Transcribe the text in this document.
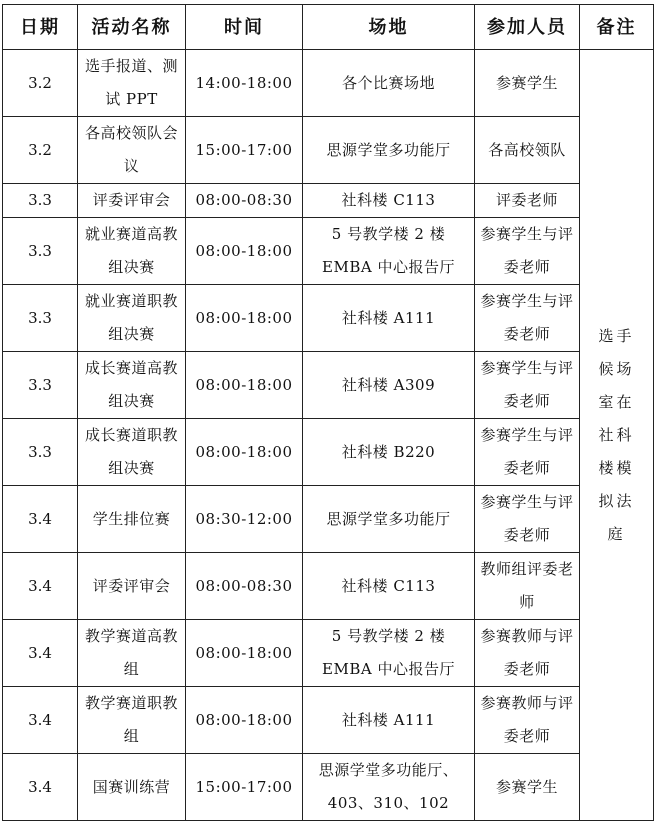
日期	活动名称	时间	场地	参加人员	备注
3.2	选手报道、测试 PPT	14:00-18:00	各个比赛场地	参赛学生	选手候场室在社科楼模拟法庭
3.2	各高校领队会议	15:00-17:00	思源学堂多功能厅	各高校领队	
3.3	评委评审会	08:00-08:30	社科楼 C113	评委老师	
3.3	就业赛道高教组决赛	08:00-18:00	5 号教学楼 2 楼 EMBA 中心报告厅	参赛学生与评委老师	
3.3	就业赛道职教组决赛	08:00-18:00	社科楼 A111	参赛学生与评委老师	
3.3	成长赛道高教组决赛	08:00-18:00	社科楼 A309	参赛学生与评委老师	
3.3	成长赛道职教组决赛	08:00-18:00	社科楼 B220	参赛学生与评委老师	
3.4	学生排位赛	08:30-12:00	思源学堂多功能厅	参赛学生与评委老师	
3.4	评委评审会	08:00-08:30	社科楼 C113	教师组评委老师	
3.4	教学赛道高教组	08:00-18:00	5 号教学楼 2 楼 EMBA 中心报告厅	参赛教师与评委老师	
3.4	教学赛道职教组	08:00-18:00	社科楼 A111	参赛教师与评委老师	
3.4	国赛训练营	15:00-17:00	思源学堂多功能厅、403、310、102	参赛学生	
